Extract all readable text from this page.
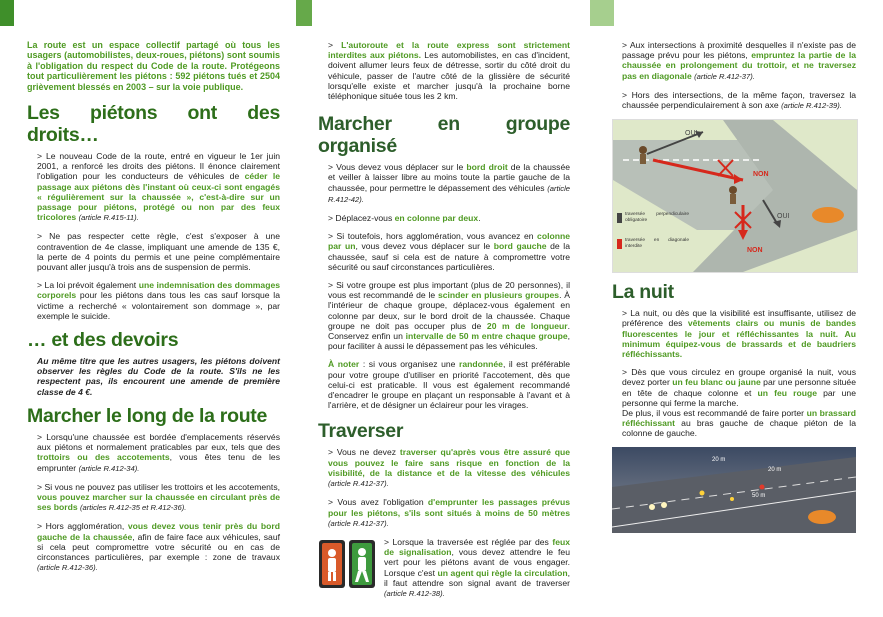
La route est un espace collectif partagé où tous les usagers (automobilistes, deux-roues, piétons) sont soumis à l'obligation du respect du Code de la route. Protégeons tout particulièrement les piétons : 592 piétons tués et 2504 grièvement blessés en 2003 – sur la voie publique.

Les piétons ont des droits…

> Le nouveau Code de la route, entré en vigueur le 1er juin 2001, a renforcé les droits des piétons. Il énonce clairement l'obligation pour les conducteurs de véhicules de céder le passage aux piétons dès l'instant où ceux-ci sont engagés « régulièrement sur la chaussée », c'est-à-dire sur un passage pour piétons, protégé ou non par des feux tricolores (article R.415-11).

> Ne pas respecter cette règle, c'est s'exposer à une contravention de 4e classe, impliquant une amende de 135 €, la perte de 4 points du permis et une peine complémentaire pouvant aller jusqu'à trois ans de suspension de permis.

> La loi prévoit également une indemnisation des dommages corporels pour les piétons dans tous les cas sauf lorsque la victime a recherché « volontairement son dommage », par exemple le suicide.

… et des devoirs

Au même titre que les autres usagers, les piétons doivent observer les règles du Code de la route. S'ils ne les respectent pas, ils encourent une amende de première classe de 4 €.

Marcher le long de la route

> Lorsqu'une chaussée est bordée d'emplacements réservés aux piétons et normalement praticables par eux, tels que des trottoirs ou des accotements, vous êtes tenu de les emprunter (article R.412-34).

> Si vous ne pouvez pas utiliser les trottoirs et les accotements, vous pouvez marcher sur la chaussée en circulant près de ses bords (articles R.412-35 et R.412-36).

> Hors agglomération, vous devez vous tenir près du bord gauche de la chaussée, afin de faire face aux véhicules, sauf si cela peut compromettre votre sécurité ou en cas de circonstances particulières, par exemple : zone de travaux (article R.412-36).

> L'autoroute et la route express sont strictement interdites aux piétons. Les automobilistes, en cas d'incident, doivent allumer leurs feux de détresse, sortir du côté droit du véhicule, passer de l'autre côté de la glissière de sécurité lorsqu'elle existe et marcher jusqu'à la prochaine borne téléphonique située tous les 2 km.

Marcher en groupe organisé

> Vous devez vous déplacer sur le bord droit de la chaussée et veiller à laisser libre au moins toute la partie gauche de la chaussée, pour permettre le dépassement des véhicules (article R.412-42).

> Déplacez-vous en colonne par deux.

> Si toutefois, hors agglomération, vous avancez en colonne par un, vous devez vous déplacer sur le bord gauche de la chaussée, sauf si cela est de nature à compromettre votre sécurité ou sauf circonstances particulières.

> Si votre groupe est plus important (plus de 20 personnes), il vous est recommandé de le scinder en plusieurs groupes. À l'intérieur de chaque groupe, déplacez-vous également en colonne par deux, sur le bord droit de la chaussée. Chaque groupe ne doit pas occuper plus de 20 m de longueur. Conservez enfin un intervalle de 50 m entre chaque groupe, pour faciliter à aussi le dépassement pas les véhicules.

À noter : si vous organisez une randonnée, il est préférable pour votre groupe d'utiliser en priorité l'accotement, dès que celui-ci est praticable. Il vous est également recommandé d'encadrer le groupe en plaçant un responsable à l'avant et à l'arrière, et de désigner un éclaireur pour les virages.

Traverser

> Vous ne devez traverser qu'après vous être assuré que vous pouvez le faire sans risque en fonction de la visibilité, de la distance et de la vitesse des véhicules (article R.412-37).

> Vous avez l'obligation d'emprunter les passages prévus pour les piétons, s'ils sont situés à moins de 50 mètres (article R.412-37).

> Lorsque la traversée est réglée par des feux de signalisation, vous devez attendre le feu vert pour les piétons avant de vous engager. Lorsque c'est un agent qui règle la circulation, il faut attendre son signal avant de traverser (article R.412-38).

> Aux intersections à proximité desquelles il n'existe pas de passage prévu pour les piétons, empruntez la partie de la chaussée en prolongement du trottoir, et ne traversez pas en diagonale (article R.412-37).

> Hors des intersections, de la même façon, traversez la chaussée perpendiculairement à son axe (article R.412-39).

OUI
NON
OUI
NON
traversée perpendiculaire obligatoire
traversée en diagonale interdite
La nuit

> La nuit, ou dès que la visibilité est insuffisante, utilisez de préférence des vêtements clairs ou munis de bandes fluorescentes le jour et réfléchissantes la nuit. Au minimum équipez-vous de brassards et de baudriers réfléchissants.

> Dès que vous circulez en groupe organisé la nuit, vous devez porter un feu blanc ou jaune par une personne située en tête de chaque colonne et un feu rouge par une personne qui ferme la marche.
De plus, il vous est recommandé de faire porter un brassard réfléchissant au bras gauche de chaque piéton de la colonne de gauche.

20 m
50 m
20 m
